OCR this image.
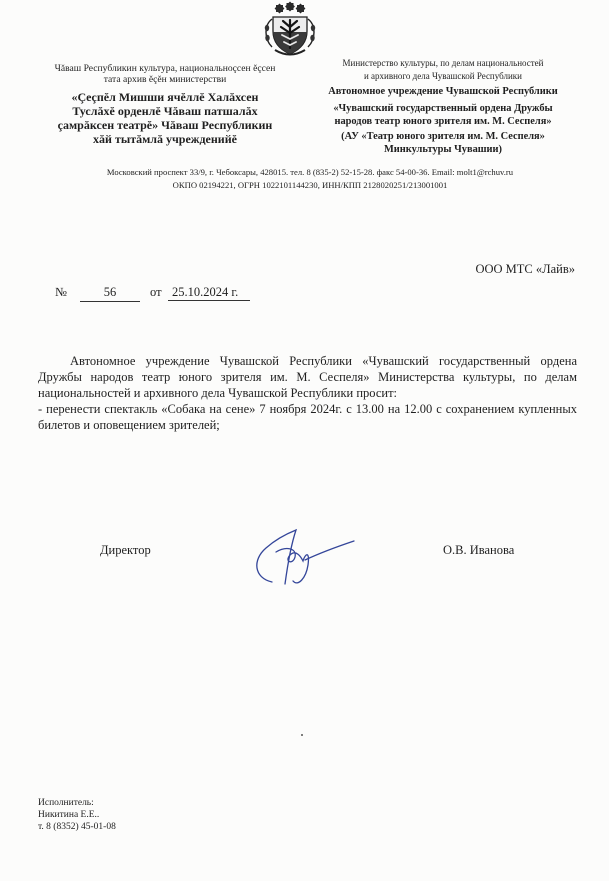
Чăваш Республикин культура, национальноçсен ĕçсен
тата архив ĕçĕн министерстви
«Çеçпĕл Мишши ячĕллĕ Халăхсен
Туслăхĕ орденлĕ Чăваш патшалăх
çамрăксен театрĕ» Чăваш Республикин
хăй тытăмлă учрежденийĕ
Министерство культуры, по делам национальностей
и архивного дела Чувашской Республики
Автономное учреждение Чувашской Республики
«Чувашский государственный ордена Дружбы
народов театр юного зрителя им. М. Сеспеля»
(АУ «Театр юного зрителя им. М. Сеспеля»
Минкультуры Чувашии)
Московский проспект 33/9, г. Чебоксары, 428015. тел. 8 (835-2) 52-15-28. факс 54-00-36. Email: molt1@rchuv.ru
ОКПО 02194221, ОГРН 1022101144230, ИНН/КПП 2128020251/213001001
ООО МТС «Лайв»
№	56	от 25.10.2024 г.
Автономное учреждение Чувашской Республики «Чувашский государственный ордена
Дружбы народов театр юного зрителя им. М. Сеспеля» Министерства культуры, по делам
национальностей и архивного дела Чувашской Республики просит:
- перенести спектакль «Собака на сене» 7 ноября 2024г. с 13.00 на 12.00 с сохранением купленных
билетов и оповещением зрителей;
Директор	О.В. Иванова
Исполнитель:
Никитина Е.Е..
т. 8 (8352) 45-01-08
